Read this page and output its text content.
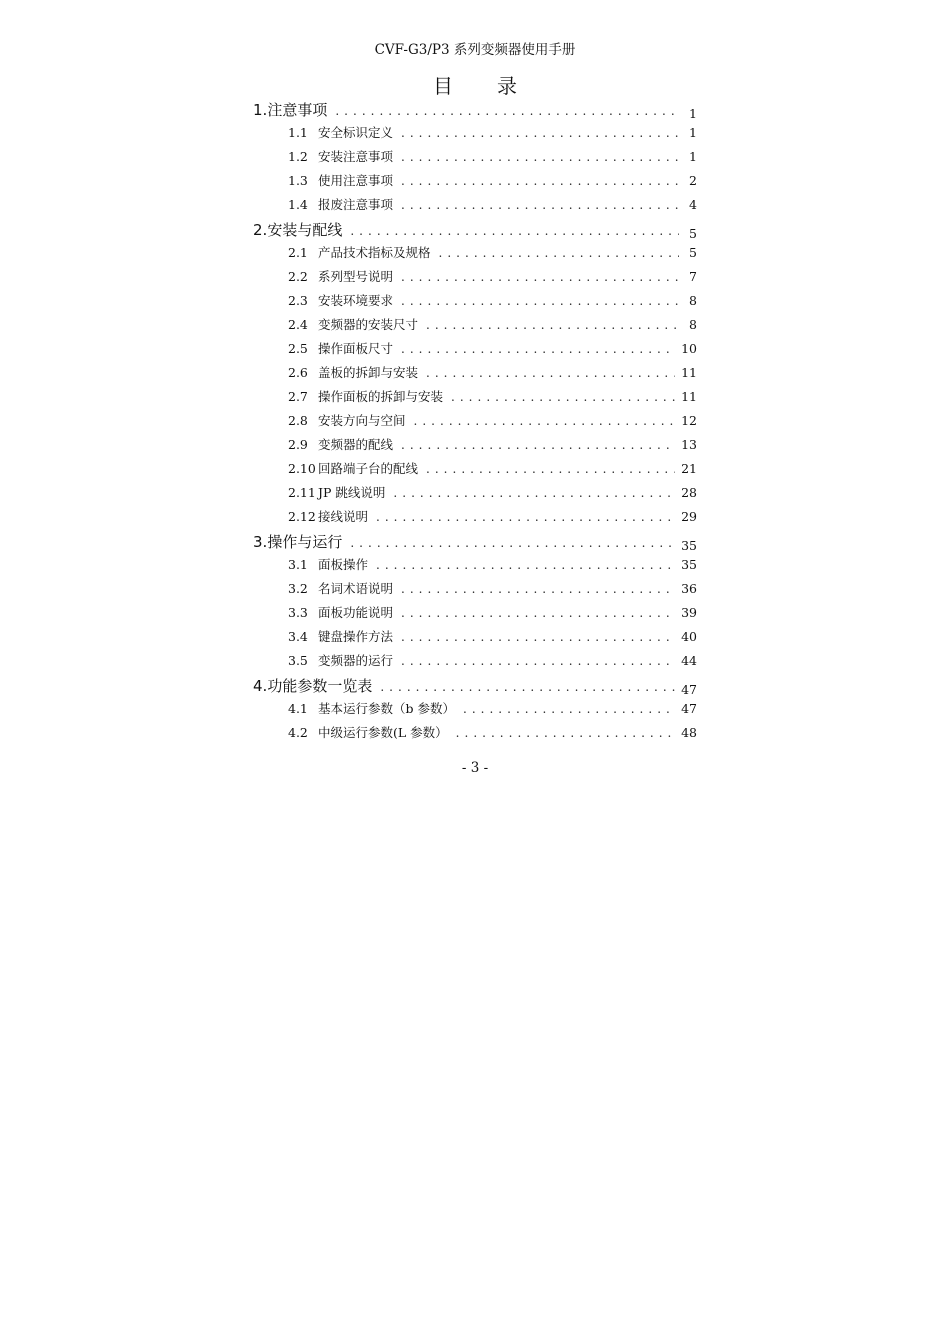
CVF-G3/P3 系列变频器使用手册
目 录
1. 注意事项 . . .	1
1.1 安全标识定义 . . .	1
1.2 安装注意事项 . . .	1
1.3 使用注意事项 . . .	2
1.4 报废注意事项 . . .	4
2. 安装与配线 . . .	5
2.1 产品技术指标及规格 . . .	5
2.2 系列型号说明 . . .	7
2.3 安装环境要求 . . .	8
2.4 变频器的安装尺寸 . . .	8
2.5 操作面板尺寸 . . .	10
2.6 盖板的拆卸与安装 . . .	11
2.7 操作面板的拆卸与安装 . . .	11
2.8 安装方向与空间 . . .	12
2.9 变频器的配线 . . .	13
2.10 回路端子台的配线 . . .	21
2.11 JP 跳线说明 . . .	28
2.12 接线说明 . . .	29
3. 操作与运行 . . .	35
3.1 面板操作 . . .	35
3.2 名词术语说明 . . .	36
3.3 面板功能说明 . . .	39
3.4 键盘操作方法 . . .	40
3.5 变频器的运行 . . .	44
4. 功能参数一览表 . . .	47
4.1 基本运行参数（b 参数） . . .	47
4.2 中级运行参数(L 参数） . . .	48
- 3 -
